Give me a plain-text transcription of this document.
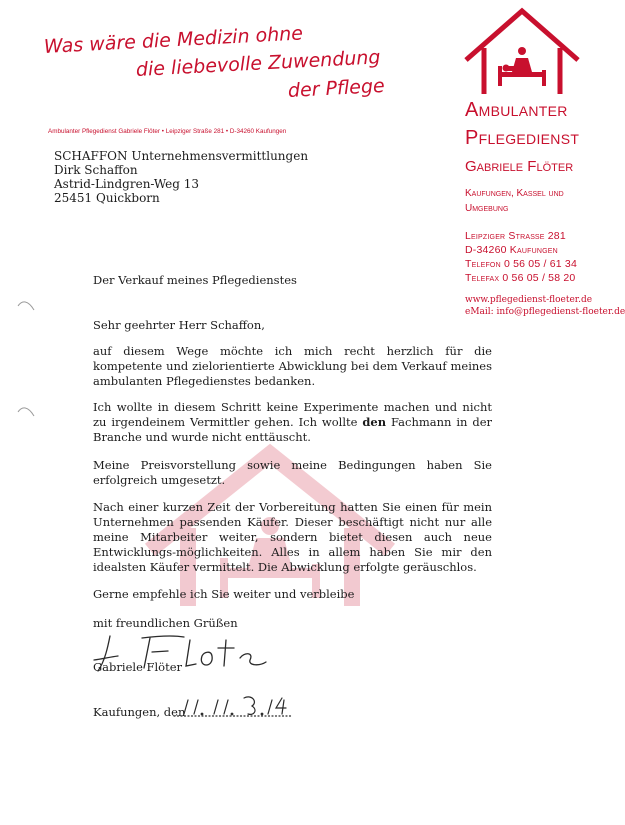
Was wäre die Medizin ohne
die liebevolle Zuwendung
der Pflege
Ambulanter Pflegedienst Gabriele Flöter • Leipziger Straße 281 • D-34260 Kaufungen
Ambulanter
Pflegedienst
Gabriele Flöter
Kaufungen, Kassel und
Umgebung
Leipziger Straße 281
D-34260 Kaufungen
Telefon 0 56 05 / 61 34
Telefax 0 56 05 / 58 20
www.pflegedienst-floeter.de
eMail: info@pflegedienst-floeter.de
SCHAFFON Unternehmensvermittlungen
Dirk Schaffon
Astrid-Lindgren-Weg 13
25451 Quickborn
Der Verkauf meines Pflegedienstes
Sehr geehrter Herr Schaffon,
auf diesem Wege möchte ich mich recht herzlich für die kompetente und zielorientierte Abwicklung bei dem Verkauf meines ambulanten Pflegedienstes bedanken.
Ich wollte in diesem Schritt keine Experimente machen und nicht zu irgendeinem Vermittler gehen. Ich wollte den Fachmann in der Branche und wurde nicht enttäuscht.
Meine Preisvorstellung sowie meine Bedingungen haben Sie erfolgreich umgesetzt.
Nach einer kurzen Zeit der Vorbereitung hatten Sie einen für mein Unternehmen passenden Käufer. Dieser beschäftigt nicht nur alle meine Mitarbeiter weiter, sondern bietet diesen auch neue Entwicklungs-möglichkeiten. Alles in allem haben Sie mir den idealsten Käufer vermittelt. Die Abwicklung erfolgte geräuschlos.
Gerne empfehle ich Sie weiter und verbleibe
mit freundlichen Grüßen
Gabriele Flöter
Kaufungen, den
